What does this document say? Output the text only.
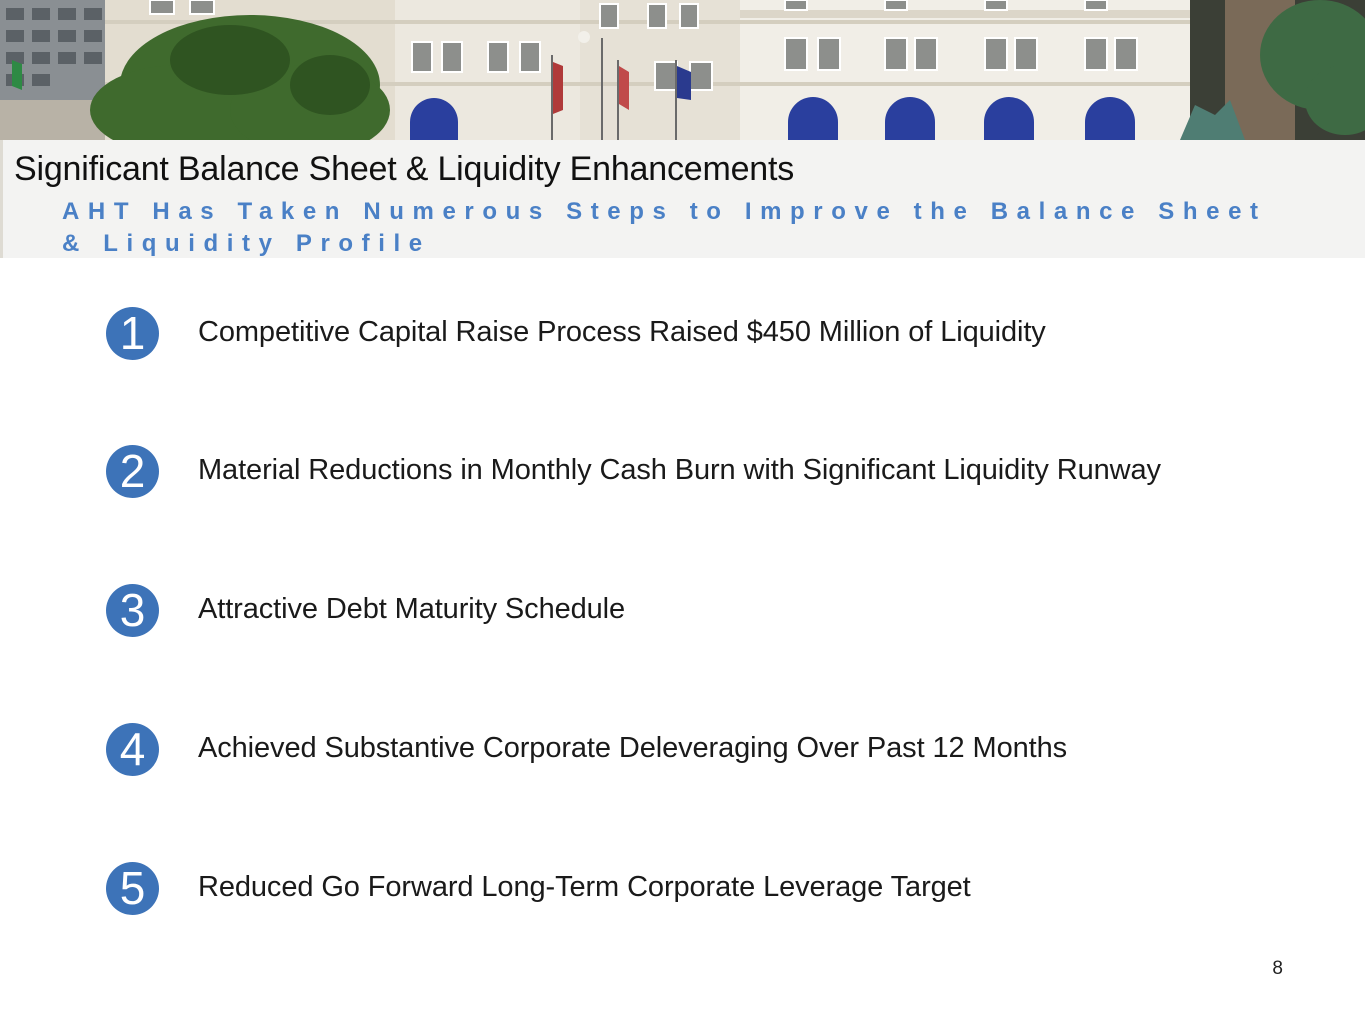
Significant Balance Sheet & Liquidity Enhancements

AHT Has Taken Numerous Steps to Improve the Balance Sheet & Liquidity Profile

1	Competitive Capital Raise Process Raised $450 Million of Liquidity
2	Material Reductions in Monthly Cash Burn with Significant Liquidity Runway
3	Attractive Debt Maturity Schedule
4	Achieved Substantive Corporate Deleveraging Over Past 12 Months
5	Reduced Go Forward Long-Term Corporate Leverage Target
8
